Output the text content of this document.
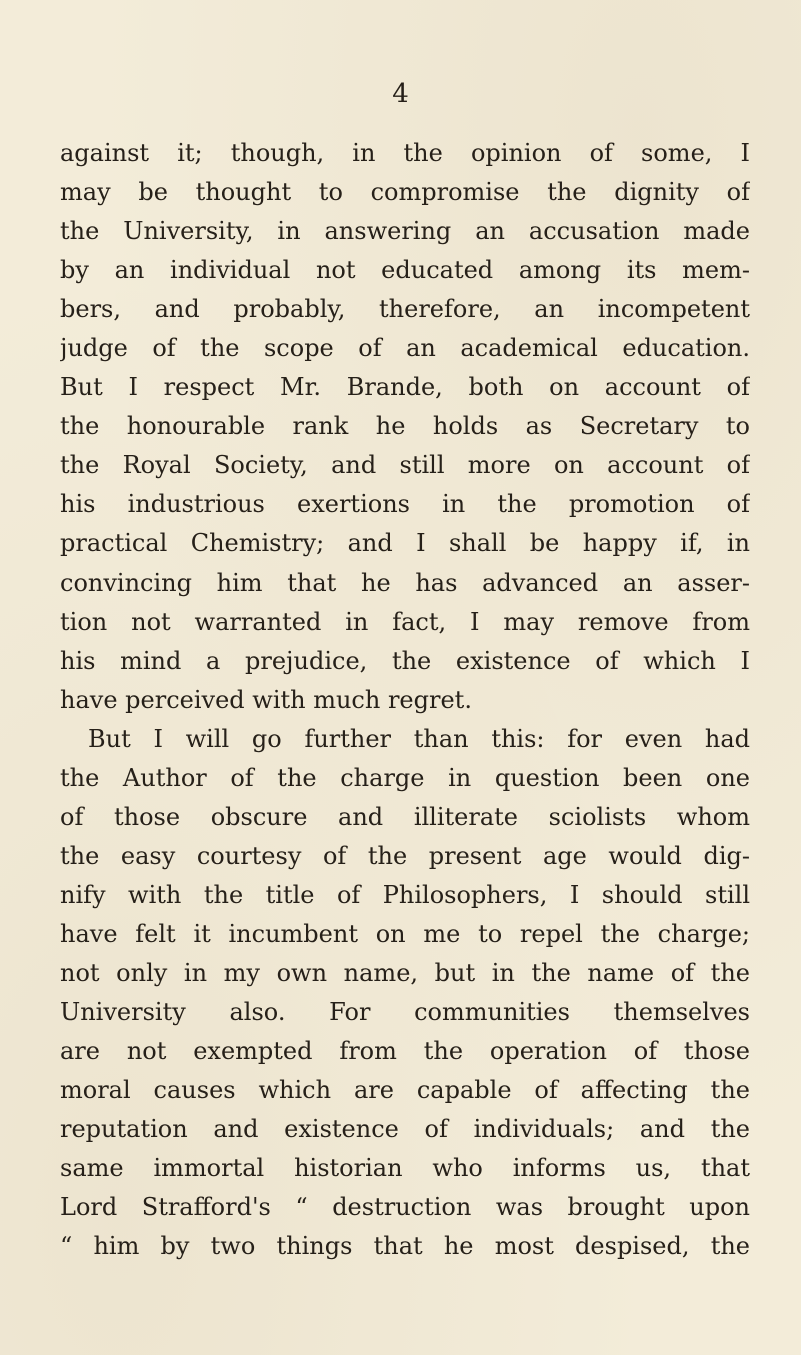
4
against it; though, in the opinion of some, I
may be thought to compromise the dignity of
the University, in answering an accusation made
by an individual not educated among its mem-
bers, and probably, therefore, an incompetent
judge of the scope of an academical education.
But I respect Mr. Brande, both on account of
the honourable rank he holds as Secretary to
the Royal Society, and still more on account of
his industrious exertions in the promotion of
practical Chemistry; and I shall be happy if, in
convincing him that he has advanced an asser-
tion not warranted in fact, I may remove from
his mind a prejudice, the existence of which I
have perceived with much regret.
But I will go further than this: for even had
the Author of the charge in question been one
of those obscure and illiterate sciolists whom
the easy courtesy of the present age would dig-
nify with the title of Philosophers, I should still
have felt it incumbent on me to repel the charge;
not only in my own name, but in the name of the
University also. For communities themselves
are not exempted from the operation of those
moral causes which are capable of affecting the
reputation and existence of individuals; and the
same immortal historian who informs us, that
Lord Strafford's “ destruction was brought upon
“ him by two things that he most despised, the
